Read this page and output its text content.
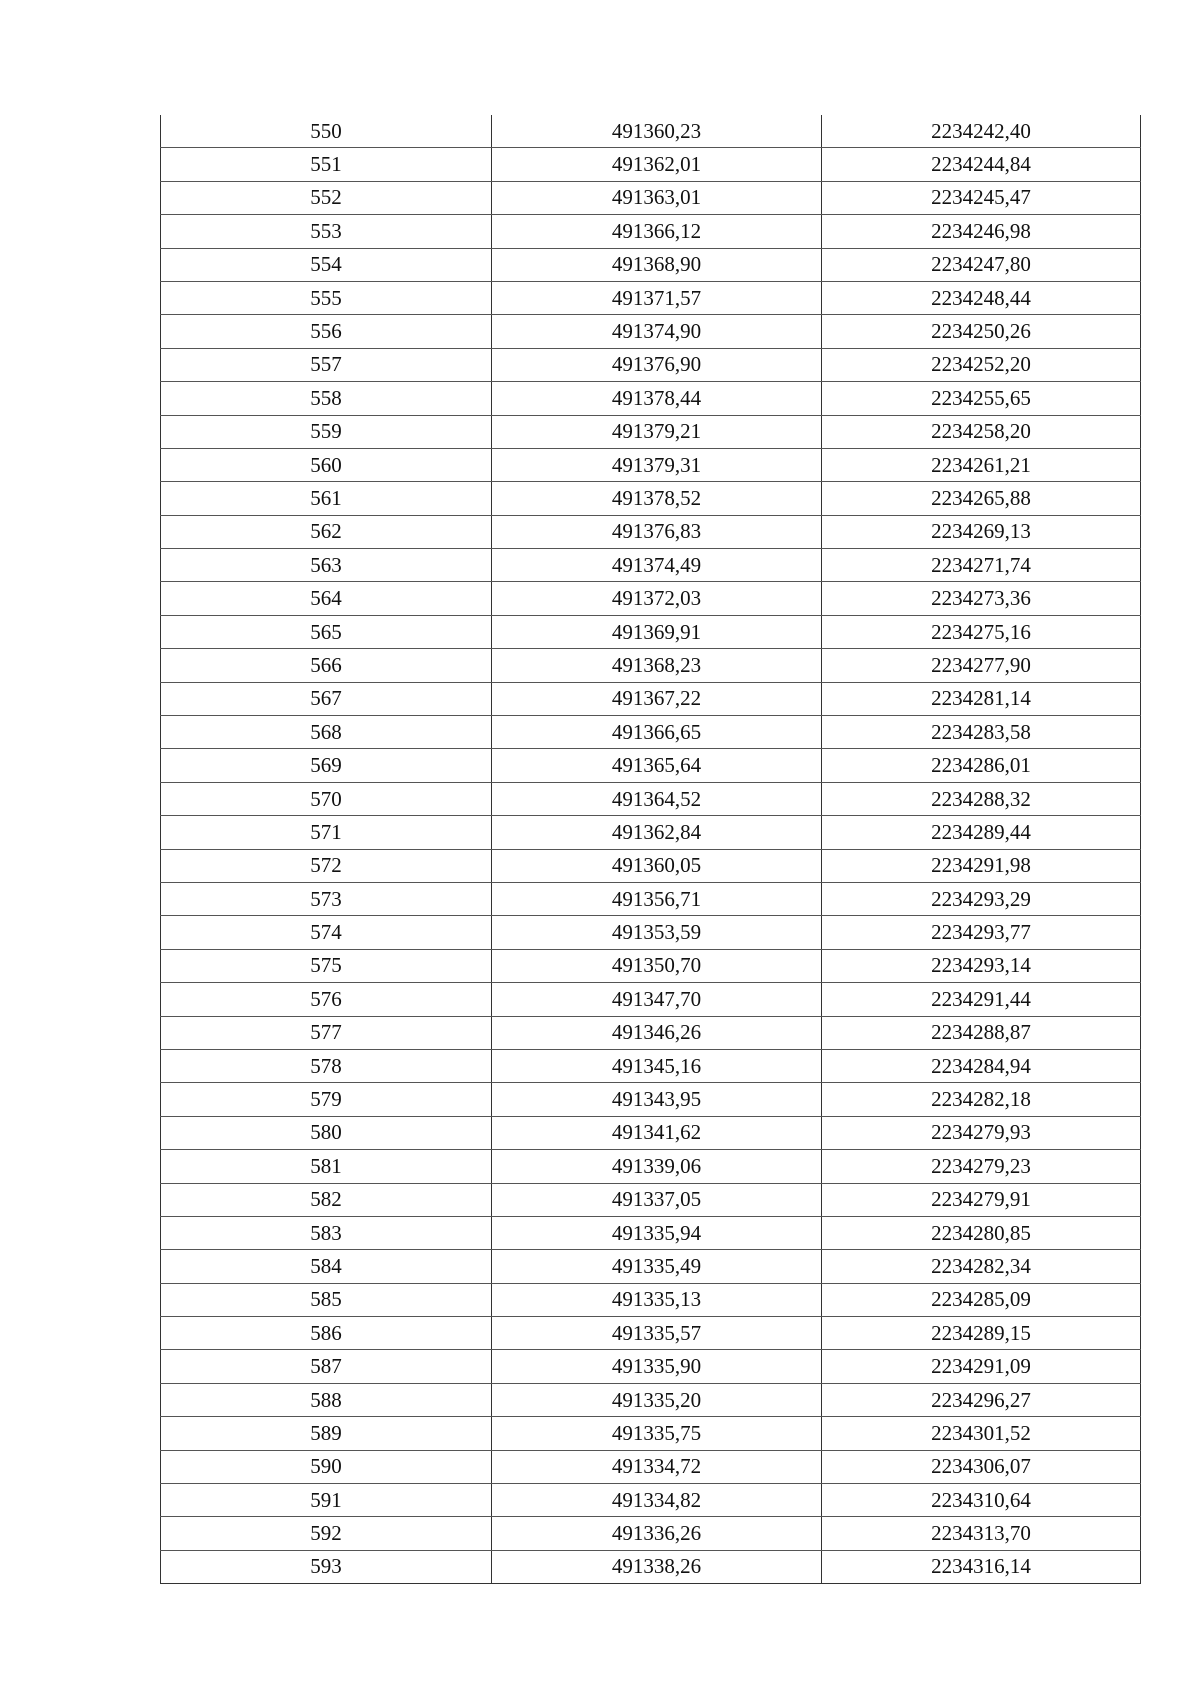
550	491360,23	2234242,40
551	491362,01	2234244,84
552	491363,01	2234245,47
553	491366,12	2234246,98
554	491368,90	2234247,80
555	491371,57	2234248,44
556	491374,90	2234250,26
557	491376,90	2234252,20
558	491378,44	2234255,65
559	491379,21	2234258,20
560	491379,31	2234261,21
561	491378,52	2234265,88
562	491376,83	2234269,13
563	491374,49	2234271,74
564	491372,03	2234273,36
565	491369,91	2234275,16
566	491368,23	2234277,90
567	491367,22	2234281,14
568	491366,65	2234283,58
569	491365,64	2234286,01
570	491364,52	2234288,32
571	491362,84	2234289,44
572	491360,05	2234291,98
573	491356,71	2234293,29
574	491353,59	2234293,77
575	491350,70	2234293,14
576	491347,70	2234291,44
577	491346,26	2234288,87
578	491345,16	2234284,94
579	491343,95	2234282,18
580	491341,62	2234279,93
581	491339,06	2234279,23
582	491337,05	2234279,91
583	491335,94	2234280,85
584	491335,49	2234282,34
585	491335,13	2234285,09
586	491335,57	2234289,15
587	491335,90	2234291,09
588	491335,20	2234296,27
589	491335,75	2234301,52
590	491334,72	2234306,07
591	491334,82	2234310,64
592	491336,26	2234313,70
593	491338,26	2234316,14
